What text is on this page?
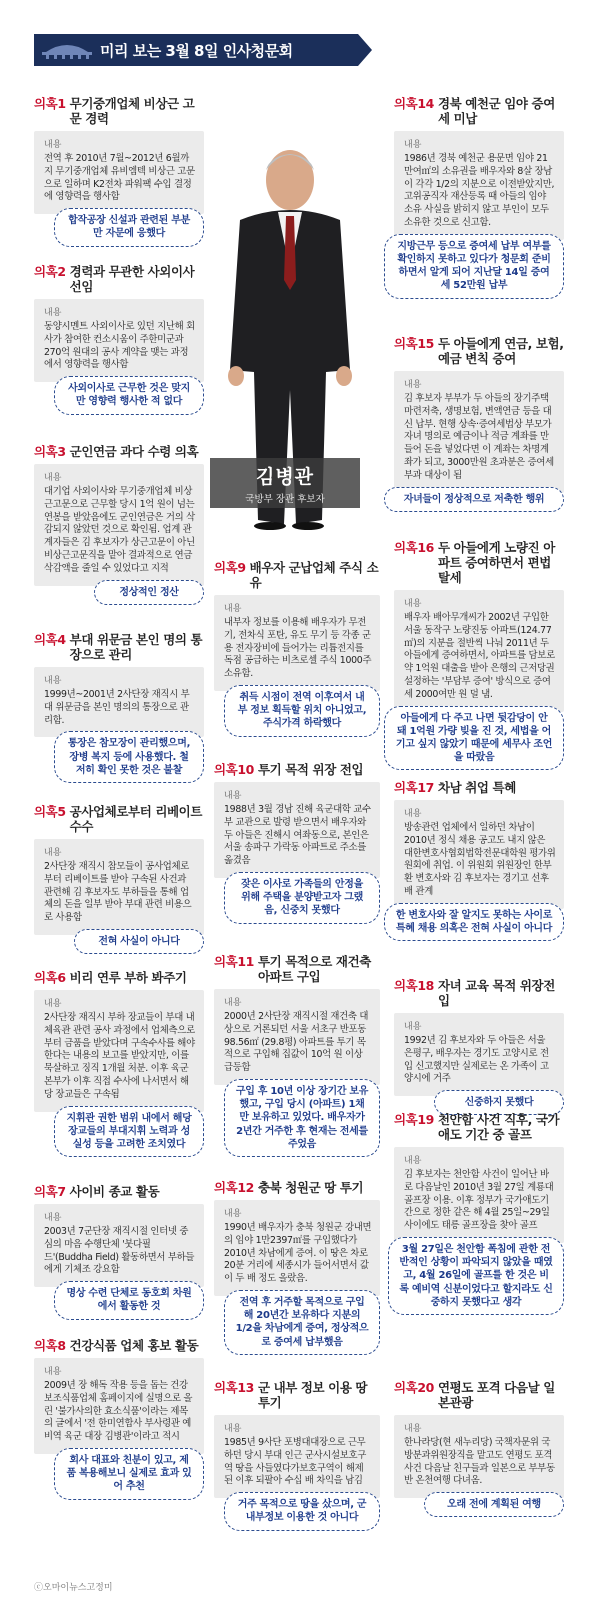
미리 보는 3월 8일 인사청문회
김병관
국방부 장관 후보자
의혹1 무기중개업체 비상근 고문 경력
내용
전역 후 2010년 7월~2012년 6월까지 무기중개업체 유비엠텍 비상근 고문으로 일하며 K2전차 파워팩 수입 결정에 영향력을 행사함
합작공장 신설과 관련된 부분만 자문에 응했다
의혹2 경력과 무관한 사외이사 선임
내용
동양시멘트 사외이사로 있던 지난해 회사가 참여한 컨소시움이 주한미군과 270억 원대의 공사 계약을 맺는 과정에서 영향력을 행사함
사외이사로 근무한 것은 맞지만 영향력 행사한 적 없다
의혹3 군인연금 과다 수령 의혹
내용
대기업 사외이사와 무기중개업체 비상근고문으로 근무할 당시 1억 원이 넘는 연봉을 받았음에도 군인연금은 거의 삭감되지 않았던 것으로 확인됨. 업계 관계자들은 김 후보자가 상근고문이 아닌 비상근고문직을 맡아 결과적으로 연금 삭감액을 줄일 수 있었다고 지적
정상적인 정산
의혹4 부대 위문금 본인 명의 통장으로 관리
내용
1999년~2001년 2사단장 재직시 부대 위문금을 본인 명의의 통장으로 관리함.
통장은 참모장이 관리했으며, 장병 복지 등에 사용했다. 철저히 확인 못한 것은 불찰
의혹5 공사업체로부터 리베이트 수수
내용
2사단장 재직시 참모들이 공사업체로부터 리베이트를 받아 구속된 사건과 관련해 김 후보자도 부하들을 통해 업체의 돈을 일부 받아 부대 관련 비용으로 사용함
전혀 사실이 아니다
의혹6 비리 연루 부하 봐주기
내용
2사단장 재직시 부하 장교들이 부대 내 체육관 관련 공사 과정에서 업체측으로부터 금품을 받았다며 구속수사를 해야 한다는 내용의 보고를 받았지만, 이를 묵살하고 징직 1개월 처분. 이후 육군본부가 이후 직접 수사에 나서면서 해당 장교들은 구속됨
지휘관 권한 범위 내에서 해당 장교들의 부대지휘 노력과 성실성 등을 고려한 조치였다
의혹7 사이비 종교 활동
내용
2003년 7군단장 재직시절 인터넷 중심의 마음 수행단체 '붓다필드'(Buddha Field) 활동하면서 부하들에게 기체조 강요함
명상 수련 단체로 동호회 차원에서 활동한 것
의혹8 건강식품 업체 홍보 활동
내용
2009년 장 해독 작용 등을 돕는 건강보조식품업체 홈페이지에 실명으로 올린 '불가사의한 효소식품'이라는 제목의 글에서 '전 한미연합사 부사령관 예비역 육군 대장 김병관'이라고 적시
회사 대표와 친분이 있고, 제품 복용해보니 실제로 효과 있어 추천
의혹9 배우자 군납업체 주식 소유
내용
내부자 정보를 이용해 배우자가 무전기, 전차식 포탄, 유도 무기 등 각종 군용 전자장비에 들어가는 리튬전지를 독점 공급하는 비츠로셀 주식 1000주 소유함.
취득 시점이 전역 이후여서 내부 정보 획득할 위치 아니었고, 주식가격 하락했다
의혹10 투기 목적 위장 전입
내용
1988년 3월 경남 진해 육군대학 교수부 교관으로 발령 받으면서 배우자와 두 아들은 진해시 여좌동으로, 본인은 서울 송파구 가락동 아파트로 주소를 옮겼음
잦은 이사로 가족들의 안정을 위해 주택을 분양받고자 그랬음, 신중치 못했다
의혹11 투기 목적으로 재건축 아파트 구입
내용
2000년 2사단장 재직시절 재건축 대상으로 거론되던 서울 서초구 반포동 98.56㎡ (29.8평) 아파트를 투기 목적으로 구입해 집값이 10억 원 이상 급등함
구입 후 10년 이상 장기간 보유했고, 구입 당시 (아파트) 1채만 보유하고 있었다. 배우자가 2년간 거주한 후 현재는 전세를 주었음
의혹12 충북 청원군 땅 투기
내용
1990년 배우자가 충북 청원군 강내면의 임야 1만2397㎡를 구입했다가 2010년 차남에게 증여. 이 땅은 차로 20분 거리에 세종시가 들어서면서 값이 두 배 정도 올랐음.
전역 후 거주할 목적으로 구입해 20년간 보유하다 지분의 1/2을 차남에게 증여, 정상적으로 증여세 납부했음
의혹13 군 내부 정보 이용 땅 투기
내용
1985년 9사단 포병대대장으로 근무하던 당시 부대 인근 군사시설보호구역 땅을 사들였다가보호구역이 해제된 이후 되팔아 수십 배 차익을 남김
거주 목적으로 땅을 샀으며, 군 내부정보 이용한 것 아니다
의혹14 경북 예천군 임야 증여세 미납
내용
1986년 경북 예천군 용문면 임야 21만여㎡의 소유권을 배우자와 8살 장남이 각각 1/2의 지분으로 이전받았지만, 고위공직자 재산등록 때 아들의 임야 소유 사실을 밝히지 않고 부인이 모두 소유한 것으로 신고함.
지방근무 등으로 증여세 납부 여부를 확인하지 못하고 있다가 청문회 준비하면서 알게 되어 지난달 14일 증여세 52만원 납부
의혹15 두 아들에게 연금, 보험, 예금 변칙 증여
내용
김 후보자 부부가 두 아들의 장기주택마련저축, 생명보험, 변액연금 등을 대신 납부. 현행 상속·증여세법상 부모가 자녀 명의로 예금이나 적금 계좌를 만들어 돈을 넣었다면 이 계좌는 차명계좌가 되고, 3000만원 초과분은 증여세 부과 대상이 됨
자녀들이 정상적으로 저축한 행위
의혹16 두 아들에게 노량진 아파트 증여하면서 편법 탈세
내용
배우자 배아무개씨가 2002년 구입한 서울 동작구 노량진동 아파트(124.77㎡)의 지분을 절반씩 나눠 2011년 두 아들에게 증여하면서, 아파트를 담보로 약 1억원 대출을 받아 은행의 근저당권 설정하는 '부담부 증여' 방식으로 증여세 2000여만 원 덜 냄.
아들에게 다 주고 나면 뒷감당이 안 돼 1억원 가량 빚을 진 것, 세법을 어기고 싶지 않았기 때문에 세무사 조언을 따랐음
의혹17 차남 취업 특혜
내용
방송관련 업체에서 일하던 차남이 2010년 정식 채용 공고도 내지 않은 대한변호사협회법학전문대학원 평가위원회에 취업. 이 위원회 위원장인 한부환 변호사와 김 후보자는 경기고 선후배 관계
한 변호사와 잘 알지도 못하는 사이로 특혜 채용 의혹은 전혀 사실이 아니다
의혹18 자녀 교육 목적 위장전입
내용
1992년 김 후보자와 두 아들은 서울 은평구, 배우자는 경기도 고양시로 전입 신고했지만 실제로는 온 가족이 고양시에 거주
신중하지 못했다
의혹19 천안함 사건 직후, 국가애도 기간 중 골프
내용
김 후보자는 천안함 사건이 일어난 바로 다음날인 2010년 3월 27일 계룡대 골프장 이용. 이후 정부가 국가애도기간으로 정한 같은 해 4월 25일~29일 사이에도 태릉 골프장을 찾아 골프
3월 27일은 천안함 폭침에 관한 전반적인 상황이 파악되지 않았을 때였고, 4월 26일에 골프를 한 것은 비록 예비역 신분이었다고 할지라도 신중하지 못했다고 생각
의혹20 연평도 포격 다음날 일본관광
내용
한나라당(현 새누리당) 국책자문위 국방분과위원장직을 맡고도 연평도 포격사건 다음날 친구들과 일본으로 부부동반 온천여행 다녀옴.
오래 전에 계획된 여행
ⓒ오마이뉴스고정미
